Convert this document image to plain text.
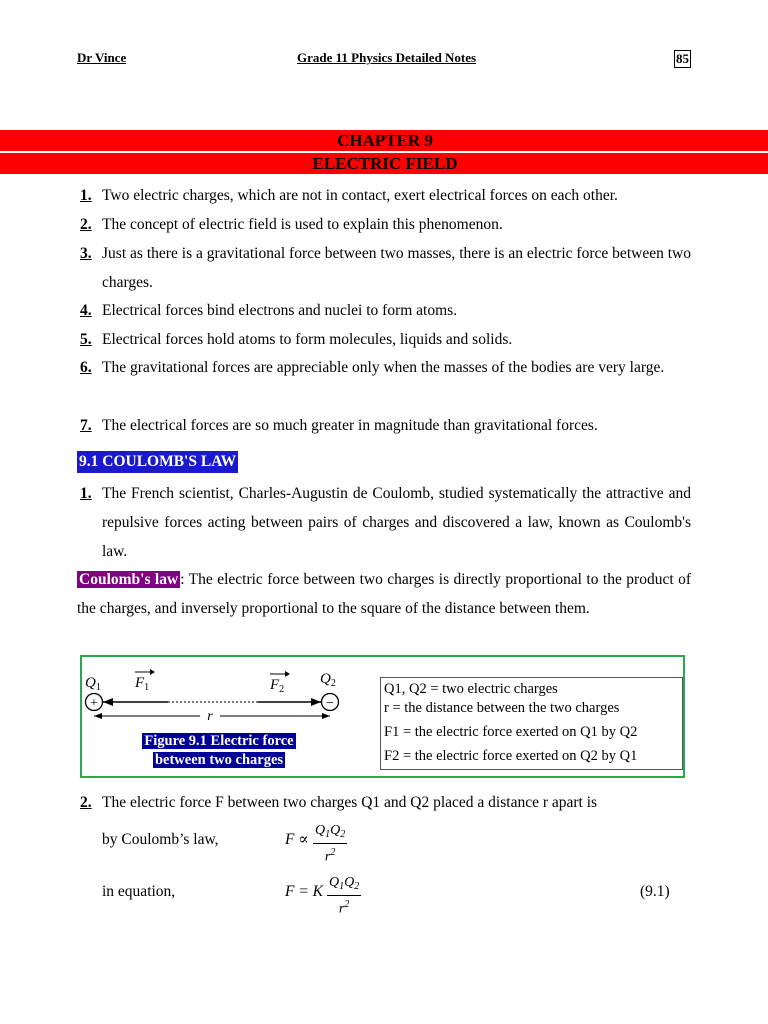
Dr Vince	Grade 11 Physics Detailed Notes	85
CHAPTER 9
ELECTRIC FIELD
1. Two electric charges, which are not in contact, exert electrical forces on each other.
2. The concept of electric field is used to explain this phenomenon.
3. Just as there is a gravitational force between two masses, there is an electric force between two charges.
4. Electrical forces bind electrons and nuclei to form atoms.
5. Electrical forces hold atoms to form molecules, liquids and solids.
6. The gravitational forces are appreciable only when the masses of the bodies are very large.
7. The electrical forces are so much greater in magnitude than gravitational forces.
9.1 COULOMB'S LAW
1. The French scientist, Charles-Augustin de Coulomb, studied systematically the attractive and repulsive forces acting between pairs of charges and discovered a law, known as Coulomb's law.
Coulomb's law : The electric force between two charges is directly proportional to the product of the charges, and inversely proportional to the square of the distance between them.
$Q_1$ $F_1$	$F_2$
$Q_2$
+	−
r
Figure 9.1 Electric force
between two charges
Q1, Q2 = two electric charges
r = the distance between the two charges
F1 = the electric force exerted on Q1 by Q2
F2 = the electric force exerted on Q2 by Q1
2. The electric force F between two charges Q1 and Q2 placed a distance r apart is
by Coulomb’s law,	$F \propto \frac{Q_1Q_2}{r^2}$
in equation,	F = K $\frac{Q_1Q_2}{r^2}$	(9.1)
